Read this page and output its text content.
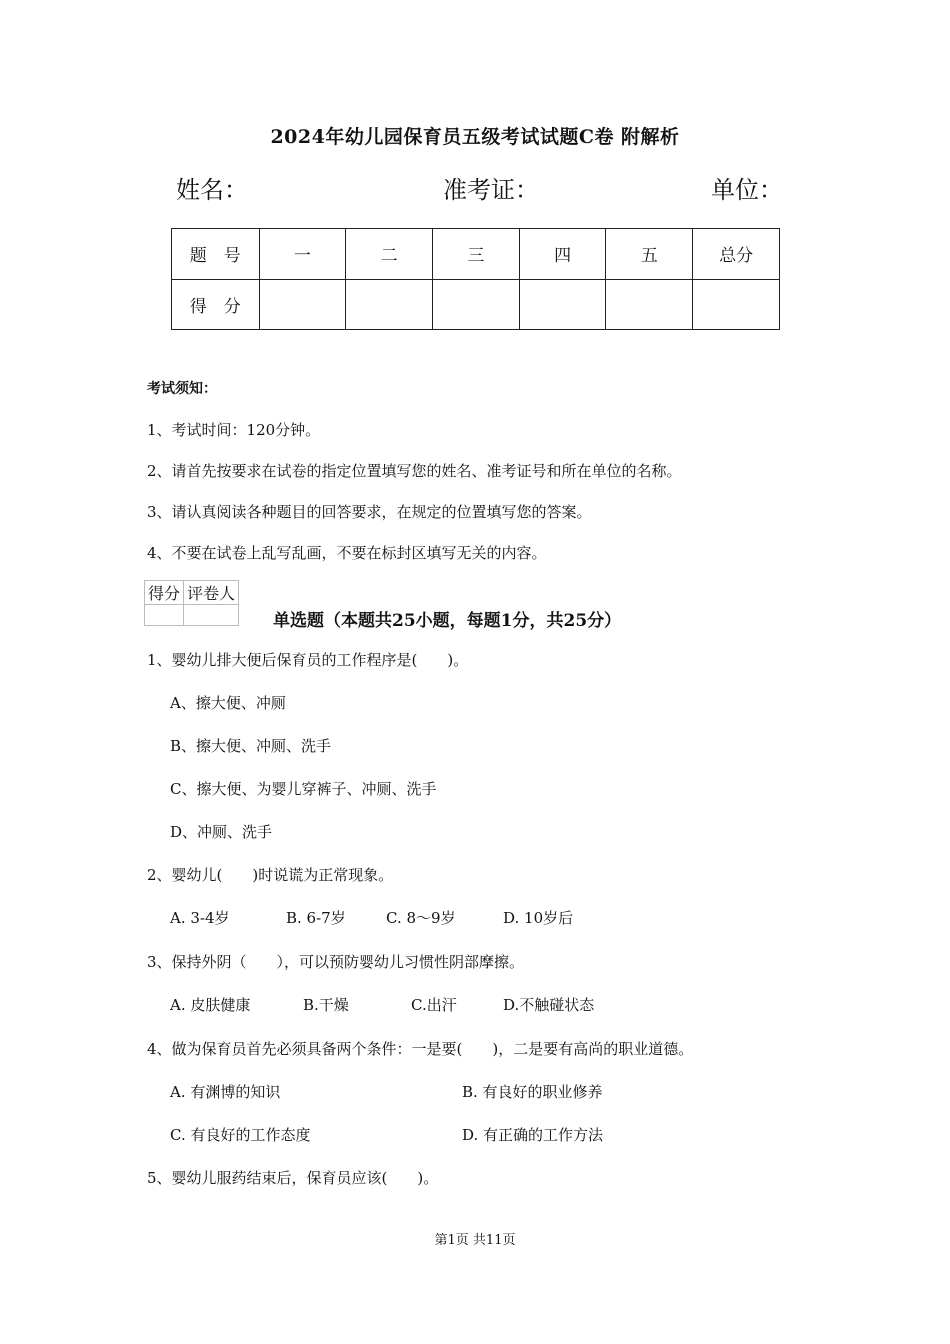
2024年幼儿园保育员五级考试试题C卷 附解析
姓名：	准考证：	单位：
题　号	一	二	三	四	五	总分
得　分						
考试须知：
1、考试时间：120分钟。
2、请首先按要求在试卷的指定位置填写您的姓名、准考证号和所在单位的名称。
3、请认真阅读各种题目的回答要求，在规定的位置填写您的答案。
4、不要在试卷上乱写乱画，不要在标封区填写无关的内容。
得分	评卷人

单选题（本题共25小题，每题1分，共25分）
1、婴幼儿排大便后保育员的工作程序是(　　)。
A、擦大便、冲厕
B、擦大便、冲厕、洗手
C、擦大便、为婴儿穿裤子、冲厕、洗手
D、冲厕、洗手
2、婴幼儿(　　)时说谎为正常现象。
A. 3-4岁	B. 6-7岁	C. 8～9岁	D. 10岁后
3、保持外阴（　　），可以预防婴幼儿习惯性阴部摩擦。
A. 皮肤健康	B.干燥	C.出汗	D.不触碰状态
4、做为保育员首先必须具备两个条件：一是要(　　)，二是要有高尚的职业道德。
A. 有渊博的知识	B. 有良好的职业修养
C. 有良好的工作态度	D. 有正确的工作方法
5、婴幼儿服药结束后，保育员应该(　　)。
第1页 共11页
